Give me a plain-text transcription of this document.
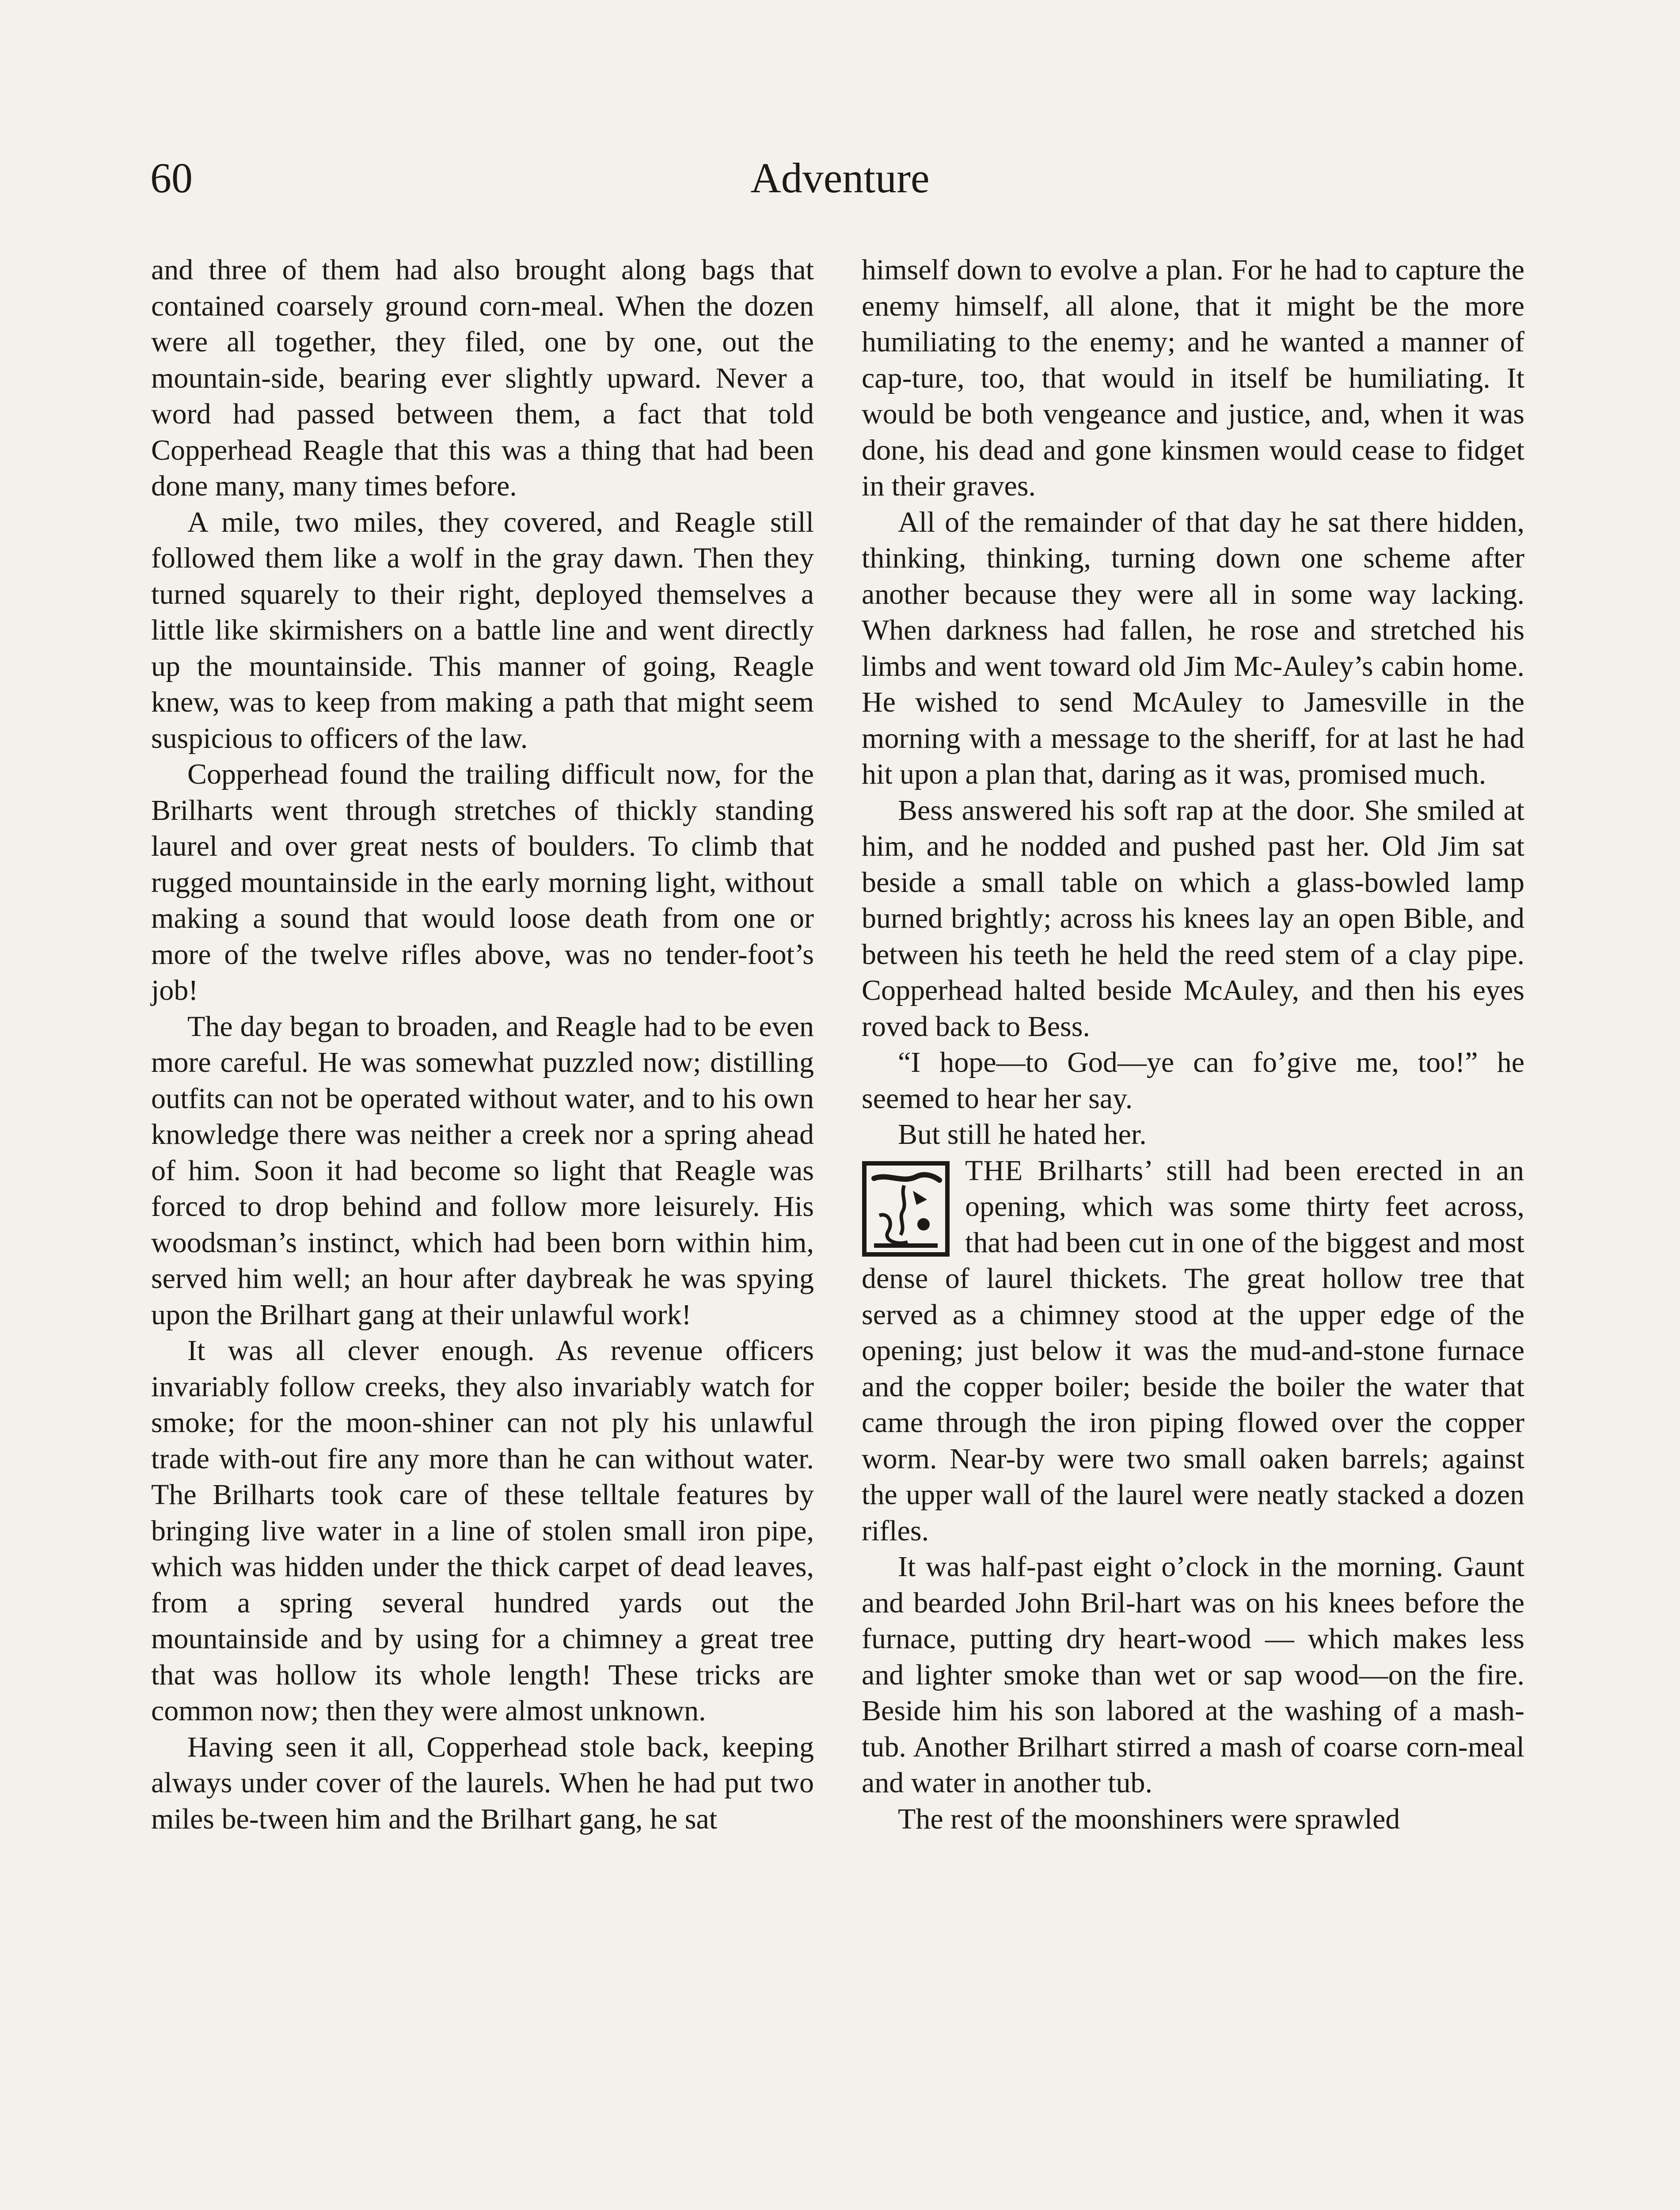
60	Adventure

and three of them had also brought along bags that contained coarsely ground corn-meal. When the dozen were all together, they filed, one by one, out the mountain-side, bearing ever slightly upward. Never a word had passed between them, a fact that told Copperhead Reagle that this was a thing that had been done many, many times before.

A mile, two miles, they covered, and Reagle still followed them like a wolf in the gray dawn. Then they turned squarely to their right, deployed themselves a little like skirmishers on a battle line and went directly up the mountainside. This manner of going, Reagle knew, was to keep from making a path that might seem suspicious to officers of the law.

Copperhead found the trailing difficult now, for the Brilharts went through stretches of thickly standing laurel and over great nests of boulders. To climb that rugged mountainside in the early morning light, without making a sound that would loose death from one or more of the twelve rifles above, was no tender-foot’s job!

The day began to broaden, and Reagle had to be even more careful. He was somewhat puzzled now; distilling outfits can not be operated without water, and to his own knowledge there was neither a creek nor a spring ahead of him. Soon it had become so light that Reagle was forced to drop behind and follow more leisurely. His woodsman’s instinct, which had been born within him, served him well; an hour after daybreak he was spying upon the Brilhart gang at their unlawful work!

It was all clever enough. As revenue officers invariably follow creeks, they also invariably watch for smoke; for the moon-shiner can not ply his unlawful trade with-out fire any more than he can without water. The Brilharts took care of these telltale features by bringing live water in a line of stolen small iron pipe, which was hidden under the thick carpet of dead leaves, from a spring several hundred yards out the mountainside and by using for a chimney a great tree that was hollow its whole length! These tricks are common now; then they were almost unknown.

Having seen it all, Copperhead stole back, keeping always under cover of the laurels. When he had put two miles be-tween him and the Brilhart gang, he sat

himself down to evolve a plan. For he had to capture the enemy himself, all alone, that it might be the more humiliating to the enemy; and he wanted a manner of cap-ture, too, that would in itself be humiliating. It would be both vengeance and justice, and, when it was done, his dead and gone kinsmen would cease to fidget in their graves.

All of the remainder of that day he sat there hidden, thinking, thinking, turning down one scheme after another because they were all in some way lacking. When darkness had fallen, he rose and stretched his limbs and went toward old Jim Mc-Auley’s cabin home. He wished to send McAuley to Jamesville in the morning with a message to the sheriff, for at last he had hit upon a plan that, daring as it was, promised much.

Bess answered his soft rap at the door. She smiled at him, and he nodded and pushed past her. Old Jim sat beside a small table on which a glass-bowled lamp burned brightly; across his knees lay an open Bible, and between his teeth he held the reed stem of a clay pipe. Copperhead halted beside McAuley, and then his eyes roved back to Bess.

“I hope—to God—ye can fo’give me, too!” he seemed to hear her say.

But still he hated her.

THE Brilharts’ still had been erected in an opening, which was some thirty feet across, that had been cut in one of the biggest and most dense of laurel thickets. The great hollow tree that served as a chimney stood at the upper edge of the opening; just below it was the mud-and-stone furnace and the copper boiler; beside the boiler the water that came through the iron piping flowed over the copper worm. Near-by were two small oaken barrels; against the upper wall of the laurel were neatly stacked a dozen rifles.

It was half-past eight o’clock in the morning. Gaunt and bearded John Bril-hart was on his knees before the furnace, putting dry heart-wood — which makes less and lighter smoke than wet or sap wood—on the fire. Beside him his son labored at the washing of a mash-tub. Another Brilhart stirred a mash of coarse corn-meal and water in another tub.

The rest of the moonshiners were sprawled
